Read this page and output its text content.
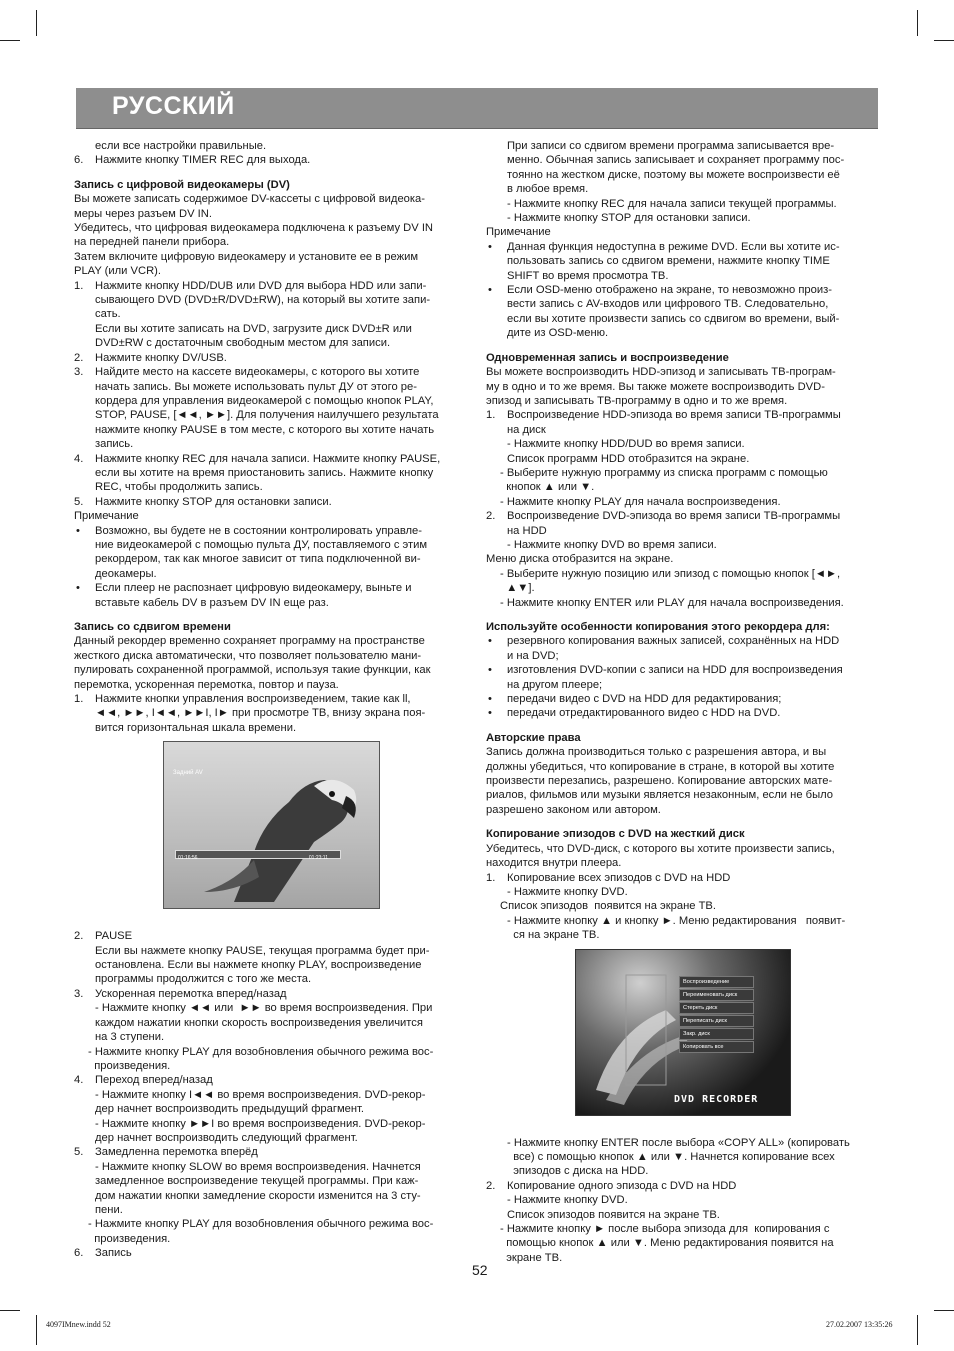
РУССКИЙ

если все настройки правильные.

6.	Нажмите кнопку TIMER REC для выхода.

Запись с цифровой видеокамеры (DV)

Вы можете записать содержимое DV-кассеты с цифровой видеока-
меры через разъем DV IN.

Убедитесь, что цифровая видеокамера подключена к разъему DV IN
на передней панели прибора.

Затем включите цифровую видеокамеру и установите ее в режим
PLAY (или VCR).

1.	Нажмите кнопку HDD/DUB или DVD для выбора HDD или запи-
сывающего DVD (DVD±R/DVD±RW), на который вы хотите запи-
сать.
Если вы хотите записать на DVD, загрузите диск DVD±R или
DVD±RW с достаточным свободным местом для записи.
2.	Нажмите кнопку DV/USB.
3.	Найдите место на кассете видеокамеры, с которого вы хотите
начать запись. Вы можете использовать пульт ДУ от этого ре-
кордера для управления видеокамерой с помощью кнопок PLAY,
STOP, PAUSE, [◄◄, ►►]. Для получения наилучшего результата
нажмите кнопку PAUSE в том месте, с которого вы хотите начать
запись.
4.	Нажмите кнопку REC для начала записи. Нажмите кнопку PAUSE,
если вы хотите на время приостановить запись. Нажмите кнопку
REC, чтобы продолжить запись.
5.	Нажмите кнопку STOP для остановки записи.

Примечание

•	Возможно, вы будете не в состоянии контролировать управле-
ние видеокамерой с помощью пульта ДУ, поставляемого с этим
рекордером, так как многое зависит от типа подключенной ви-
деокамеры.
•	Если плеер не распознает цифровую видеокамеру, выньте и
вставьте кабель DV в разъем DV IN еще раз.

Запись со сдвигом времени

Данный рекордер временно сохраняет программу на пространстве
жесткого диска автоматически, что позволяет пользователю мани-
пулировать сохраненной программой, используя такие функции, как
перемотка, ускоренная перемотка, повтор и пауза.

1.	Нажмите кнопки управления воспроизведением, такие как ll,
◄◄, ►►, I◄◄, ►►I, I► при просмотре ТВ, внизу экрана поя-
вится горизонтальная шкала времени.
Задний AV
01:16:56	01:23:11
2.	PAUSE
Если вы нажмете кнопку PAUSE, текущая программа будет при-
остановлена. Если вы нажмете кнопку PLAY, воспроизведение
программы продолжится с того же места.
3.	Ускоренная перемотка вперед/назад
- Нажмите кнопку ◄◄ или  ►► во время воспроизведения. При
каждом нажатии кнопки скорость воспроизведения увеличится
на 3 ступени.

- Нажмите кнопку PLAY для возобновления обычного режима вос-
произведения.

4.	Переход вперед/назад
- Нажмите кнопку I◄◄ во время воспроизведения. DVD-рекор-
дер начнет воспроизводить предыдущий фрагмент.
- Нажмите кнопку ►►I во время воспроизведения. DVD-рекор-
дер начнет воспроизводить следующий фрагмент.
5.	Замедленна перемотка вперёд
- Нажмите кнопку SLOW во время воспроизведения. Начнется
замедленное воспроизведение текущей программы. При каж-
дом нажатии кнопки замедление скорости изменится на 3 сту-
пени.

- Нажмите кнопку PLAY для возобновления обычного режима вос-
произведения.

6.	Запись

При записи со сдвигом времени программа записывается вре-
менно. Обычная запись записывает и сохраняет программу пос-
тоянно на жестком диске, поэтому вы можете воспроизвести её
в любое время.
- Нажмите кнопку REC для начала записи текущей программы.
- Нажмите кнопку STOP для остановки записи.

Примечание

•	Данная функция недоступна в режиме DVD. Если вы хотите ис-
пользовать запись со сдвигом времени, нажмите кнопку TIME
SHIFT во время просмотра ТВ.
•	Если OSD-меню отображено на экране, то невозможно произ-
вести запись с AV-входов или цифрового ТВ. Следовательно,
если вы хотите произвести запись со сдвигом во времени, вый-
дите из OSD-меню.

Одновременная запись и воспроизведение

Вы можете воспроизводить HDD-эпизод и записывать ТВ-програм-
му в одно и то же время. Вы также можете воспроизводить DVD-
эпизод и записывать ТВ-программу в одно и то же время.

1.	Воспроизведение HDD-эпизода во время записи ТВ-программы
на диск

- Нажмите кнопку HDD/DUD во время записи.
Список программ HDD отобразится на экране.

- Выберите нужную программу из списка программ с помощью
кнопок ▲ или ▼.
- Нажмите кнопку PLAY для начала воспроизведения.

2.	Воспроизведение DVD-эпизода во время записи ТВ-программы
на HDD

- Нажмите кнопку DVD во время записи.

Меню диска отобразится на экране.

- Выберите нужную позицию или эпизод с помощью кнопок [◄►,
▲▼].
- Нажмите кнопку ENTER или PLAY для начала воспроизведения.

Используйте особенности копирования этого рекордера для:

•	резервного копирования важных записей, сохранённых на HDD
и на DVD;
•	изготовления DVD-копии с записи на HDD для воспроизведения
на другом плеере;
•	передачи видео с DVD на HDD для редактирования;
•	передачи отредактированного видео с HDD на DVD.

Авторские права

Запись должна производиться только с разрешения автора, и вы
должны убедиться, что копирование в стране, в которой вы хотите
произвести перезапись, разрешено. Копирование авторских мате-
риалов, фильмов или музыки является незаконным, если не было
разрешено законом или автором.

Копирование эпизодов с DVD на жесткий диск

Убедитесь, что DVD-диск, с которого вы хотите произвести запись,
находится внутри плеера.

1.	Копирование всех эпизодов с DVD на HDD

- Нажмите кнопку DVD.

Список эпизодов  появится на экране ТВ.

- Нажмите кнопку ▲ и кнопку ►. Меню редактирования   появит-
ся на экране ТВ.

Воспроизведение
Переименовать диск
Стереть диск
Переписать диск
Закр. диск
Копировать все
DVD RECORDER

- Нажмите кнопку ENTER после выбора «COPY ALL» (копировать
все) с помощью кнопок ▲ или ▼. Начнется копирование всех
эпизодов с диска на HDD.

2.	Копирование одного эпизода с DVD на HDD
- Нажмите кнопку DVD.
Список эпизодов появится на экране ТВ.

- Нажмите кнопку ► после выбора эпизода для  копирования с
помощью кнопок ▲ или ▼. Меню редактирования появится на
экране ТВ.

52
4097IMnew.indd 52	27.02.2007 13:35:26
